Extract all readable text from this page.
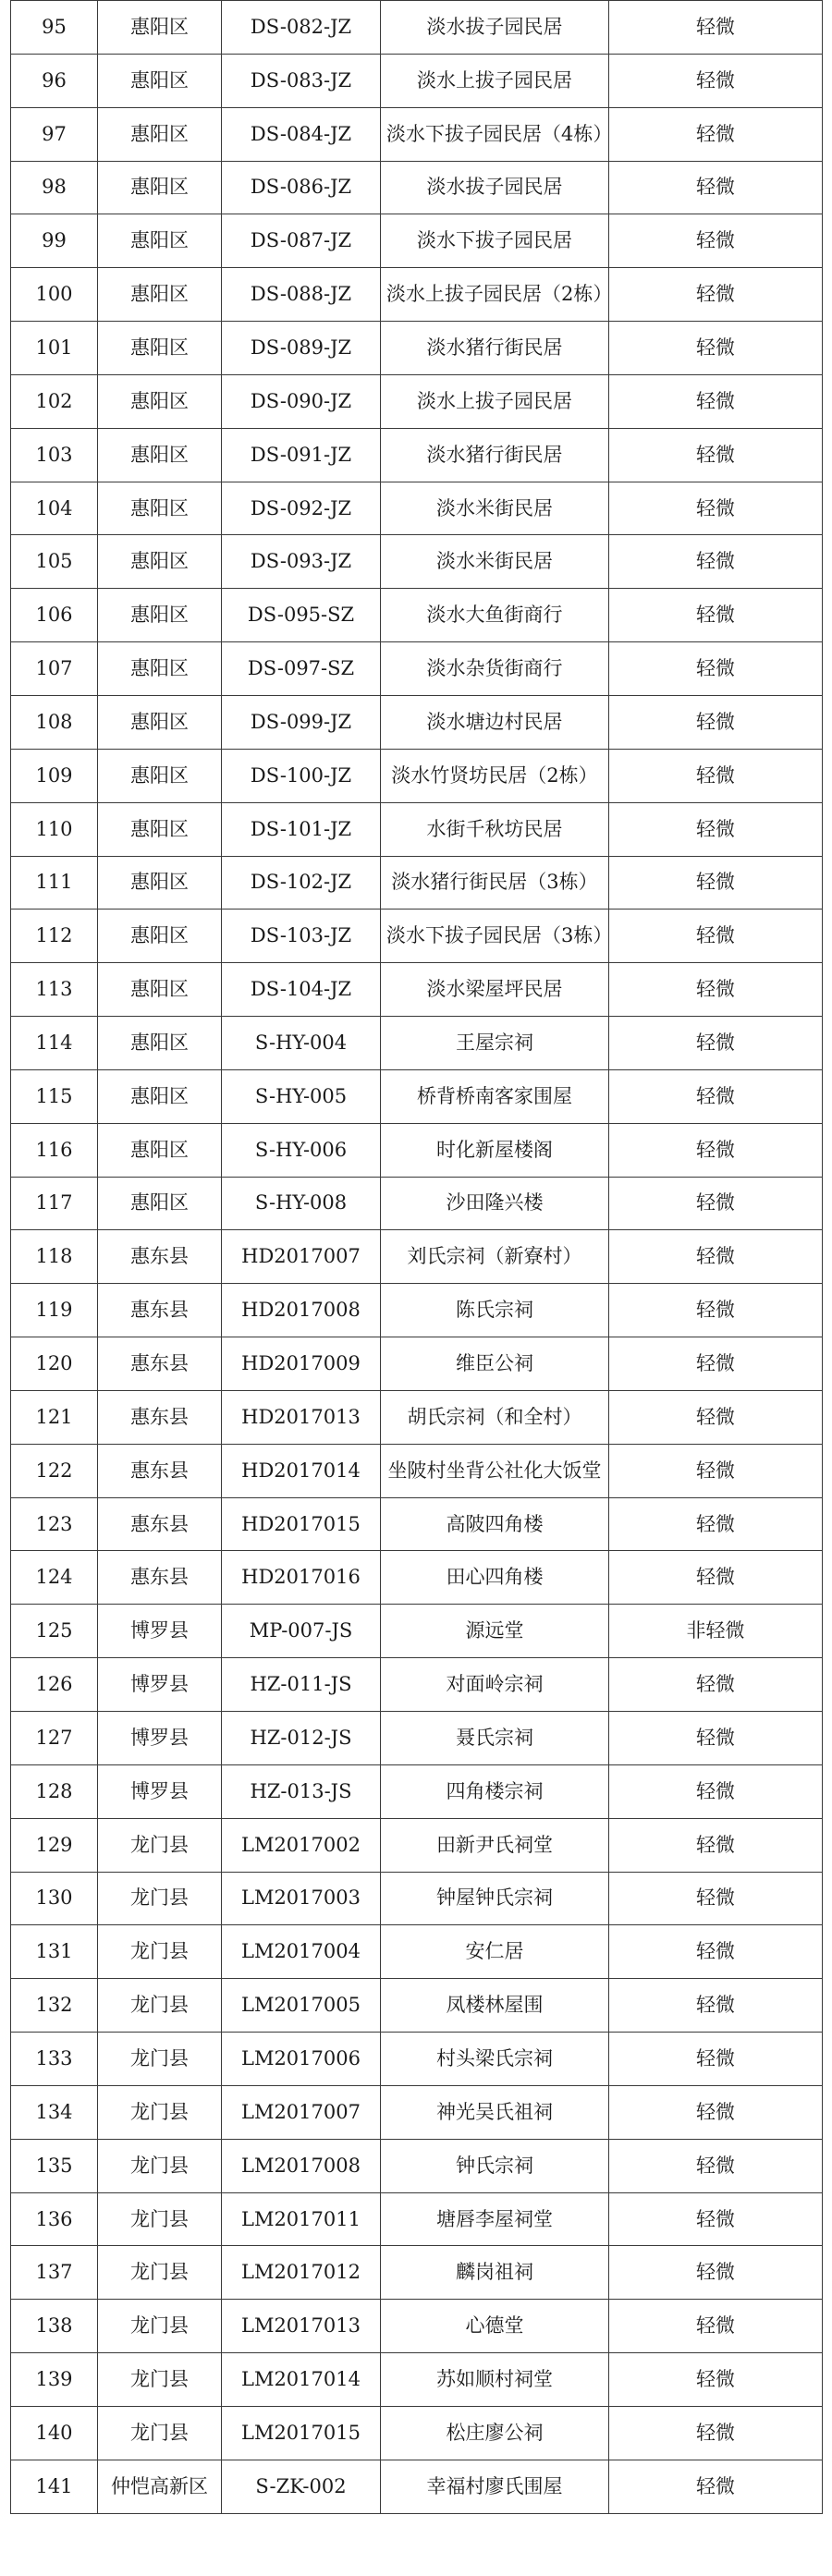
95	惠阳区	DS-082-JZ	淡水拔子园民居	轻微
96	惠阳区	DS-083-JZ	淡水上拔子园民居	轻微
97	惠阳区	DS-084-JZ	淡水下拔子园民居（4栋）	轻微
98	惠阳区	DS-086-JZ	淡水拔子园民居	轻微
99	惠阳区	DS-087-JZ	淡水下拔子园民居	轻微
100	惠阳区	DS-088-JZ	淡水上拔子园民居（2栋）	轻微
101	惠阳区	DS-089-JZ	淡水猪行街民居	轻微
102	惠阳区	DS-090-JZ	淡水上拔子园民居	轻微
103	惠阳区	DS-091-JZ	淡水猪行街民居	轻微
104	惠阳区	DS-092-JZ	淡水米街民居	轻微
105	惠阳区	DS-093-JZ	淡水米街民居	轻微
106	惠阳区	DS-095-SZ	淡水大鱼街商行	轻微
107	惠阳区	DS-097-SZ	淡水杂货街商行	轻微
108	惠阳区	DS-099-JZ	淡水塘边村民居	轻微
109	惠阳区	DS-100-JZ	淡水竹贤坊民居（2栋）	轻微
110	惠阳区	DS-101-JZ	水街千秋坊民居	轻微
111	惠阳区	DS-102-JZ	淡水猪行街民居（3栋）	轻微
112	惠阳区	DS-103-JZ	淡水下拔子园民居（3栋）	轻微
113	惠阳区	DS-104-JZ	淡水梁屋坪民居	轻微
114	惠阳区	S-HY-004	王屋宗祠	轻微
115	惠阳区	S-HY-005	桥背桥南客家围屋	轻微
116	惠阳区	S-HY-006	时化新屋楼阁	轻微
117	惠阳区	S-HY-008	沙田隆兴楼	轻微
118	惠东县	HD2017007	刘氏宗祠（新寮村）	轻微
119	惠东县	HD2017008	陈氏宗祠	轻微
120	惠东县	HD2017009	维臣公祠	轻微
121	惠东县	HD2017013	胡氏宗祠（和全村）	轻微
122	惠东县	HD2017014	坐陂村坐背公社化大饭堂	轻微
123	惠东县	HD2017015	高陂四角楼	轻微
124	惠东县	HD2017016	田心四角楼	轻微
125	博罗县	MP-007-JS	源远堂	非轻微
126	博罗县	HZ-011-JS	对面岭宗祠	轻微
127	博罗县	HZ-012-JS	聂氏宗祠	轻微
128	博罗县	HZ-013-JS	四角楼宗祠	轻微
129	龙门县	LM2017002	田新尹氏祠堂	轻微
130	龙门县	LM2017003	钟屋钟氏宗祠	轻微
131	龙门县	LM2017004	安仁居	轻微
132	龙门县	LM2017005	凤楼林屋围	轻微
133	龙门县	LM2017006	村头梁氏宗祠	轻微
134	龙门县	LM2017007	神光吴氏祖祠	轻微
135	龙门县	LM2017008	钟氏宗祠	轻微
136	龙门县	LM2017011	塘唇李屋祠堂	轻微
137	龙门县	LM2017012	麟岗祖祠	轻微
138	龙门县	LM2017013	心德堂	轻微
139	龙门县	LM2017014	苏如顺村祠堂	轻微
140	龙门县	LM2017015	松庄廖公祠	轻微
141	仲恺高新区	S-ZK-002	幸福村廖氏围屋	轻微
